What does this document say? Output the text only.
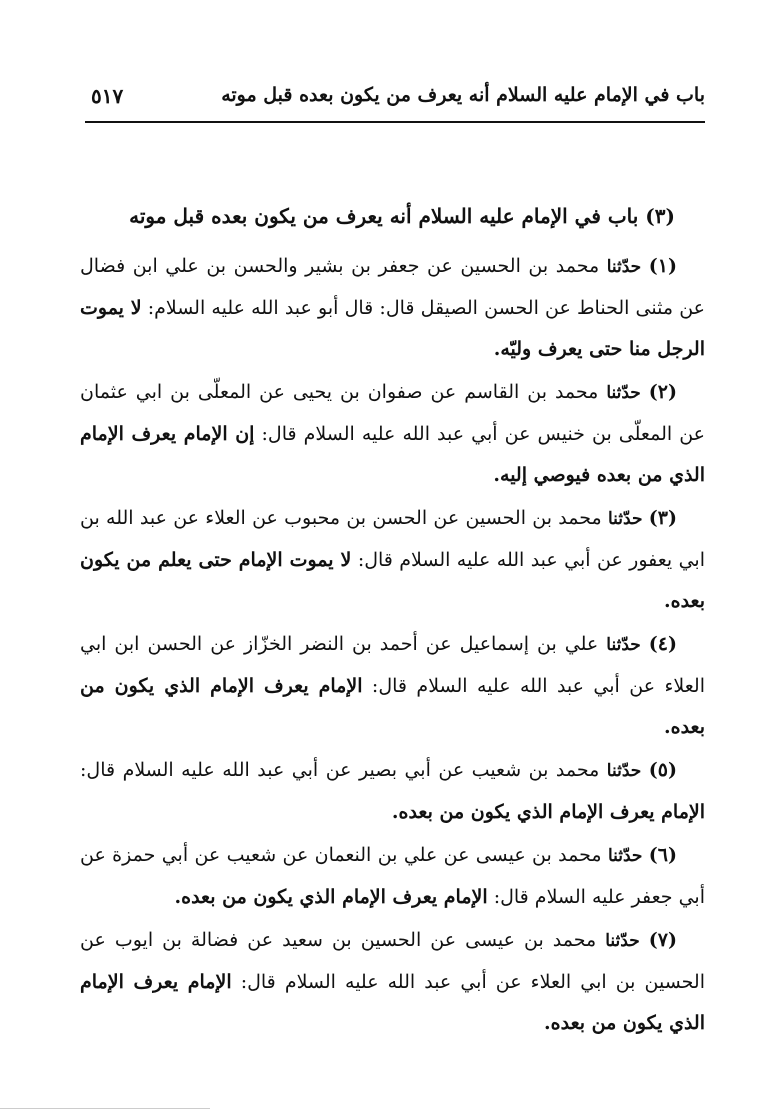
باب في الإمام عليه السلام أنه يعرف من يكون بعده قبل موته
٥١٧
(٣) باب في الإمام عليه السلام أنه يعرف من يكون بعده قبل موته

(١) حدّثنا محمد بن الحسين عن جعفر بن بشير والحسن بن علي ابن فضال عن مثنى الحناط عن الحسن الصيقل قال: قال أبو عبد الله عليه السلام: لا يموت الرجل منا حتى يعرف وليّه.

(٢) حدّثنا محمد بن القاسم عن صفوان بن يحيى عن المعلّى بن ابي عثمان عن المعلّى بن خنيس عن أبي عبد الله عليه السلام قال: إن الإمام يعرف الإمام الذي من بعده فيوصي إليه.

(٣) حدّثنا محمد بن الحسين عن الحسن بن محبوب عن العلاء عن عبد الله بن ابي يعفور عن أبي عبد الله عليه السلام قال: لا يموت الإمام حتى يعلم من يكون بعده.

(٤) حدّثنا علي بن إسماعيل عن أحمد بن النضر الخزّاز عن الحسن ابن ابي العلاء عن أبي عبد الله عليه السلام قال: الإمام يعرف الإمام الذي يكون من بعده.

(٥) حدّثنا محمد بن شعيب عن أبي بصير عن أبي عبد الله عليه السلام قال: الإمام يعرف الإمام الذي يكون من بعده.

(٦) حدّثنا محمد بن عيسى عن علي بن النعمان عن شعيب عن أبي حمزة عن أبي جعفر عليه السلام قال: الإمام يعرف الإمام الذي يكون من بعده.

(٧) حدّثنا محمد بن عيسى عن الحسين بن سعيد عن فضالة بن ايوب عن الحسين بن ابي العلاء عن أبي عبد الله عليه السلام قال: الإمام يعرف الإمام الذي يكون من بعده.
